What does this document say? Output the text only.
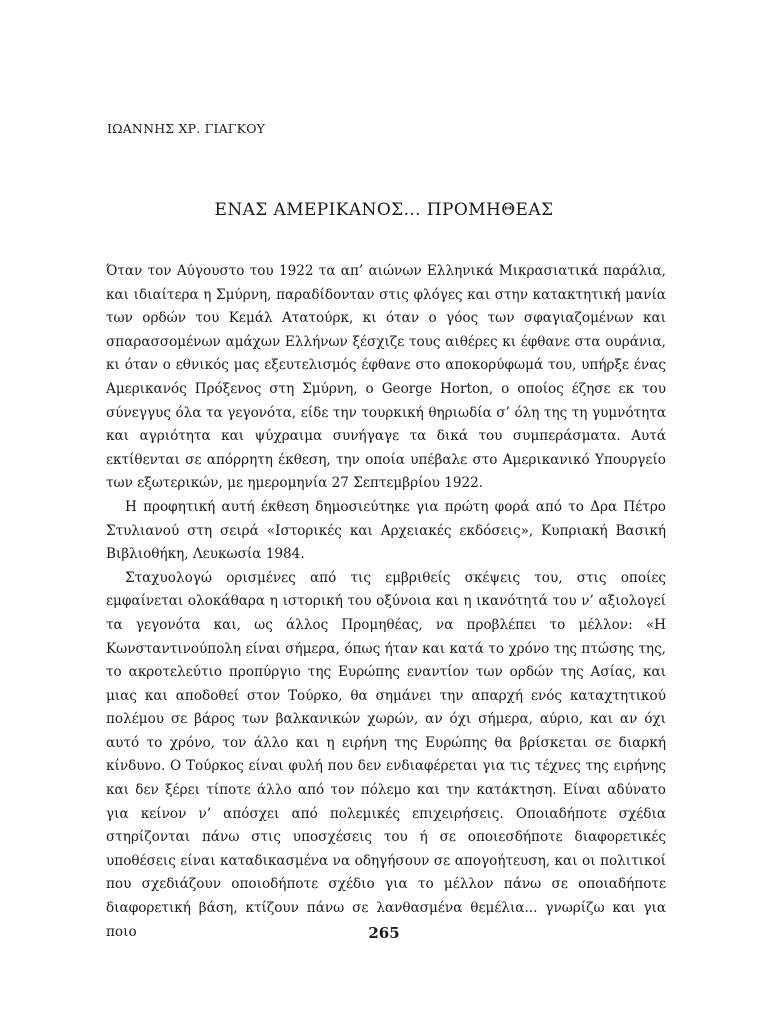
ΙΩΑΝΝΗΣ ΧΡ. ΓΙΑΓΚΟΥ
ΕΝΑΣ ΑΜΕΡΙΚΑΝΟΣ... ΠΡΟΜΗΘΕΑΣ

Όταν τον Αύγουστο του 1922 τα απ’ αιώνων Ελληνικά Μικρασιατικά παράλια, και ιδιαίτερα η Σμύρνη, παραδίδονταν στις φλόγες και στην κατακτητική μανία των ορδών του Κεμάλ Ατατούρκ, κι όταν ο γόος των σφαγιαζομένων και σπαρασσομένων αμάχων Ελλήνων ξέσχιζε τους αιθέρες κι έφθανε στα ουράνια, κι όταν ο εθνικός μας εξευτελισμός έφθανε στο αποκορύφωμά του, υπήρξε ένας Αμερικανός Πρόξενος στη Σμύρνη, ο George Horton, ο οποίος έζησε εκ του σύνεγγυς όλα τα γεγονότα, είδε την τουρκική θηριωδία σ’ όλη της τη γυμνότητα και αγριότητα και ψύχραιμα συνήγαγε τα δικά του συμπεράσματα. Αυτά εκτίθενται σε απόρρητη έκθεση, την οποία υπέβαλε στο Αμερικανικό Υπουργείο των εξωτερικών, με ημερομηνία 27 Σεπτεμβρίου 1922.

Η προφητική αυτή έκθεση δημοσιεύτηκε για πρώτη φορά από το Δρα Πέτρο Στυλιανού στη σειρά «Ιστορικές και Αρχειακές εκδόσεις», Κυπριακή Βασική Βιβλιοθήκη, Λευκωσία 1984.

Σταχυολογώ ορισμένες από τις εμβριθείς σκέψεις του, στις οποίες εμφαίνεται ολοκάθαρα η ιστορική του οξύνοια και η ικανότητά του ν’ αξιολογεί τα γεγονότα και, ως άλλος Προμηθέας, να προβλέπει το μέλλον: «Η Κωνσταντινούπολη είναι σήμερα, όπως ήταν και κατά το χρόνο της πτώσης της, το ακροτελεύτιο προπύργιο της Ευρώπης εναντίον των ορδών της Ασίας, και μιας και αποδοθεί στον Τούρκο, θα σημάνει την απαρχή ενός καταχτητικού πολέμου σε βάρος των βαλκανικών χωρών, αν όχι σήμερα, αύριο, και αν όχι αυτό το χρόνο, τον άλλο και η ειρήνη της Ευρώπης θα βρίσκεται σε διαρκή κίνδυνο. Ο Τούρκος είναι φυλή που δεν ενδιαφέρεται για τις τέχνες της ειρήνης και δεν ξέρει τίποτε άλλο από τον πόλεμο και την κατάκτηση. Είναι αδύνατο για κείνον ν’ απόσχει από πολεμικές επιχειρήσεις. Οποιαδήποτε σχέδια στηρίζονται πάνω στις υποσχέσεις του ή σε οποιεσδήποτε διαφορετικές υποθέσεις είναι καταδικασμένα να οδηγήσουν σε απογοήτευση, και οι πολιτικοί που σχεδιάζουν οποιοδήποτε σχέδιο για το μέλλον πάνω σε οποιαδήποτε διαφορετική βάση, κτίζουν πάνω σε λανθασμένα θεμέλια... γνωρίζω και για ποιο	265
